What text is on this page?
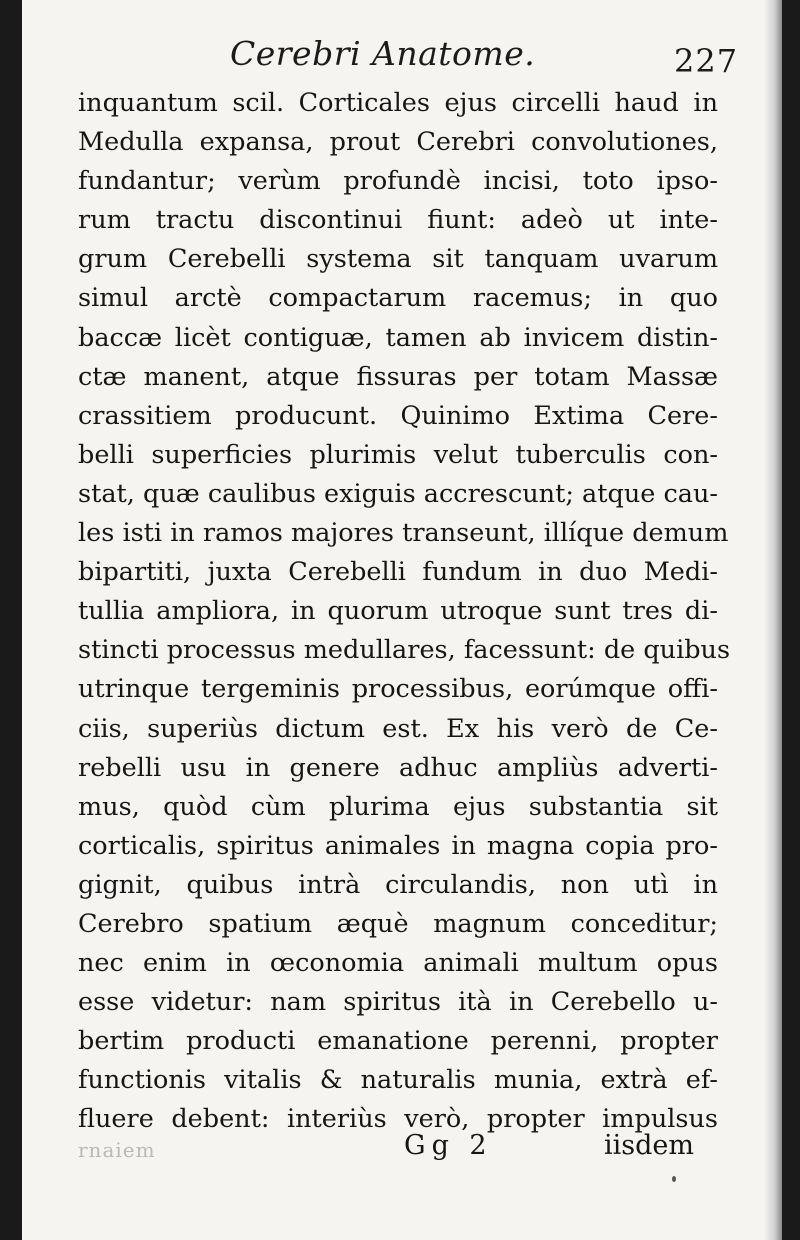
Cerebri Anatome.	227
inquantum scil. Corticales ejus circelli haud in
Medulla expansa, prout Cerebri convolutiones,
fundantur; verùm profundè incisi, toto ipso-
rum tractu discontinui fiunt: adeò ut inte-
grum Cerebelli systema sit tanquam uvarum
simul arctè compactarum racemus; in quo
baccæ licèt contiguæ, tamen ab invicem distin-
ctæ manent, atque fissuras per totam Massæ
crassitiem producunt. Quinimo Extima Cere-
belli superficies plurimis velut tuberculis con-
stat, quæ caulibus exiguis accrescunt; atque cau-
les isti in ramos majores transeunt, illíque demum
bipartiti, juxta Cerebelli fundum in duo Medi-
tullia ampliora, in quorum utroque sunt tres di-
stincti processus medullares, facessunt: de quibus
utrinque tergeminis processibus, eorúmque offi-
ciis, superiùs dictum est. Ex his verò de Ce-
rebelli usu in genere adhuc ampliùs adverti-
mus, quòd cùm plurima ejus substantia sit
corticalis, spiritus animales in magna copia pro-
gignit, quibus intrà circulandis, non utì in
Cerebro spatium æquè magnum conceditur;
nec enim in œconomia animali multum opus
esse videtur: nam spiritus ità in Cerebello u-
bertim producti emanatione perenni, propter
functionis vitalis & naturalis munia, extrà ef-
fluere debent: interiùs verò, propter impulsus
rnaiem	Gg 2	iisdem
